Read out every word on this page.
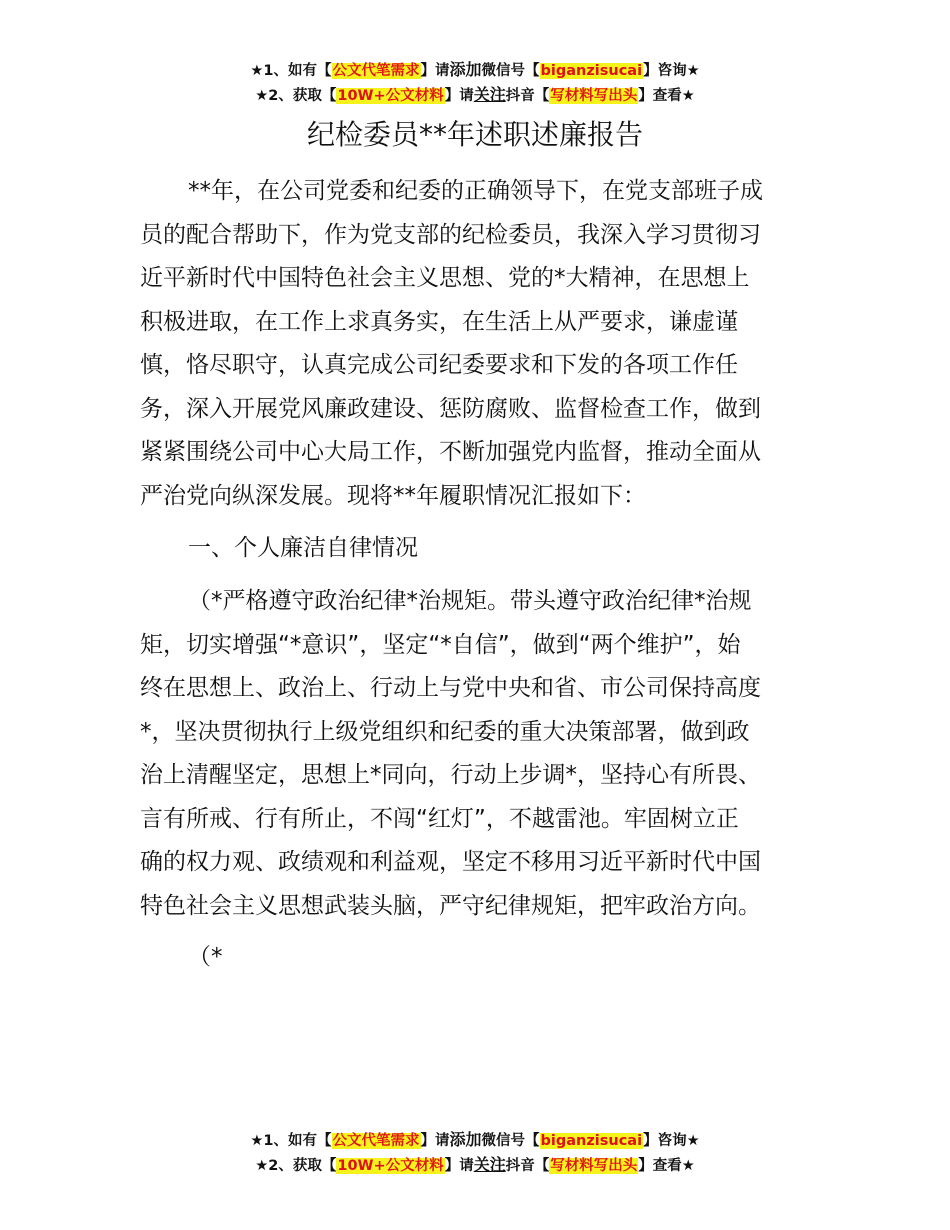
★1、如有【公文代笔需求】请添加微信号【biganzisucai】咨询★
★2、获取【10W+公文材料】请关注抖音【写材料写出头】查看★
纪检委员**年述职述廉报告
**年，在公司党委和纪委的正确领导下，在党支部班子成
员的配合帮助下，作为党支部的纪检委员，我深入学习贯彻习
近平新时代中国特色社会主义思想、党的*大精神，在思想上
积极进取，在工作上求真务实，在生活上从严要求，谦虚谨
慎，恪尽职守，认真完成公司纪委要求和下发的各项工作任
务，深入开展党风廉政建设、惩防腐败、监督检查工作，做到
紧紧围绕公司中心大局工作，不断加强党内监督，推动全面从
严治党向纵深发展。现将**年履职情况汇报如下：
一、个人廉洁自律情况
（*严格遵守政治纪律*治规矩。带头遵守政治纪律*治规
矩，切实增强“*意识”，坚定“*自信”，做到“两个维护”，始
终在思想上、政治上、行动上与党中央和省、市公司保持高度
*，坚决贯彻执行上级党组织和纪委的重大决策部署，做到政
治上清醒坚定，思想上*同向，行动上步调*，坚持心有所畏、
言有所戒、行有所止，不闯“红灯”，不越雷池。牢固树立正
确的权力观、政绩观和利益观，坚定不移用习近平新时代中国
特色社会主义思想武装头脑，严守纪律规矩，把牢政治方向。
（*
★1、如有【公文代笔需求】请添加微信号【biganzisucai】咨询★
★2、获取【10W+公文材料】请关注抖音【写材料写出头】查看★
